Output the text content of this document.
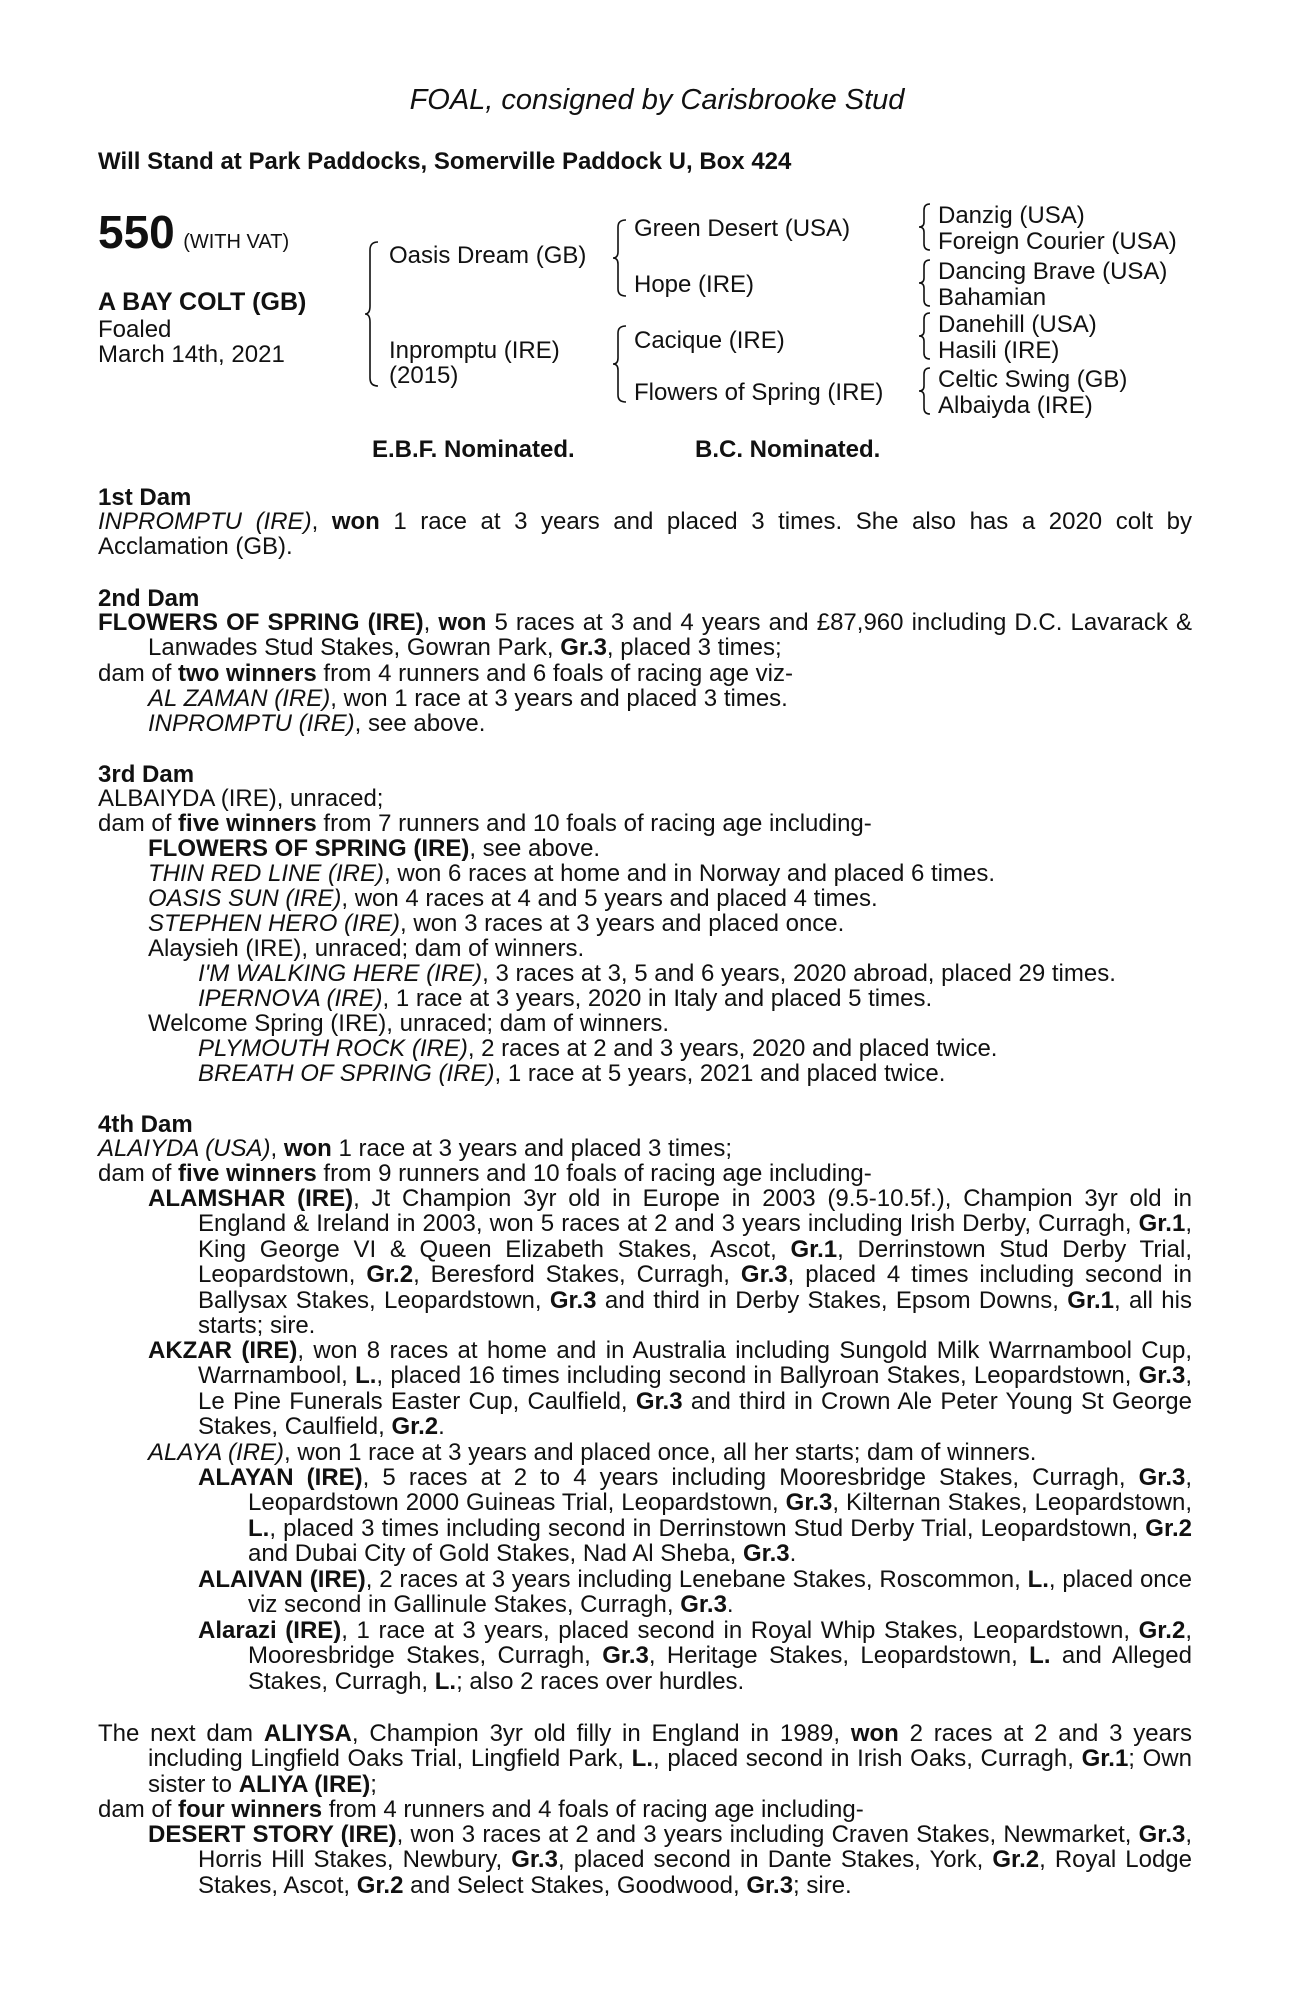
FOAL, consigned by Carisbrooke Stud
Will Stand at Park Paddocks, Somerville Paddock U, Box 424
550 (WITH VAT)
A BAY COLT (GB)
Foaled
March 14th, 2021
Oasis Dream (GB)
Inpromptu (IRE)
(2015)
Green Desert (USA)
Hope (IRE)
Cacique (IRE)
Flowers of Spring (IRE)
Danzig (USA)
Foreign Courier (USA)
Dancing Brave (USA)
Bahamian
Danehill (USA)
Hasili (IRE)
Celtic Swing (GB)
Albaiyda (IRE)
E.B.F. Nominated.	B.C. Nominated.
1st Dam

INPROMPTU (IRE), won 1 race at 3 years and placed 3 times. She also has a 2020 colt by Acclamation (GB).

2nd Dam

FLOWERS OF SPRING (IRE), won 5 races at 3 and 4 years and £87,960 including D.C. Lavarack & Lanwades Stud Stakes, Gowran Park, Gr.3, placed 3 times;

dam of two winners from 4 runners and 6 foals of racing age viz-
AL ZAMAN (IRE), won 1 race at 3 years and placed 3 times.
INPROMPTU (IRE), see above.
3rd Dam
ALBAIYDA (IRE), unraced;
dam of five winners from 7 runners and 10 foals of racing age including-
FLOWERS OF SPRING (IRE), see above.
THIN RED LINE (IRE), won 6 races at home and in Norway and placed 6 times.
OASIS SUN (IRE), won 4 races at 4 and 5 years and placed 4 times.
STEPHEN HERO (IRE), won 3 races at 3 years and placed once.
Alaysieh (IRE), unraced; dam of winners.
I'M WALKING HERE (IRE), 3 races at 3, 5 and 6 years, 2020 abroad, placed 29 times.
IPERNOVA (IRE), 1 race at 3 years, 2020 in Italy and placed 5 times.
Welcome Spring (IRE), unraced; dam of winners.
PLYMOUTH ROCK (IRE), 2 races at 2 and 3 years, 2020 and placed twice.
BREATH OF SPRING (IRE), 1 race at 5 years, 2021 and placed twice.
4th Dam
ALAIYDA (USA), won 1 race at 3 years and placed 3 times;
dam of five winners from 9 runners and 10 foals of racing age including-

ALAMSHAR (IRE), Jt Champion 3yr old in Europe in 2003 (9.5-10.5f.), Champion 3yr old in England & Ireland in 2003, won 5 races at 2 and 3 years including Irish Derby, Curragh, Gr.1, King George VI & Queen Elizabeth Stakes, Ascot, Gr.1, Derrinstown Stud Derby Trial, Leopardstown, Gr.2, Beresford Stakes, Curragh, Gr.3, placed 4 times including second in Ballysax Stakes, Leopardstown, Gr.3 and third in Derby Stakes, Epsom Downs, Gr.1, all his starts; sire.

AKZAR (IRE), won 8 races at home and in Australia including Sungold Milk Warrnambool Cup, Warrnambool, L., placed 16 times including second in Ballyroan Stakes, Leopardstown, Gr.3, Le Pine Funerals Easter Cup, Caulfield, Gr.3 and third in Crown Ale Peter Young St George Stakes, Caulfield, Gr.2.

ALAYA (IRE), won 1 race at 3 years and placed once, all her starts; dam of winners.

ALAYAN (IRE), 5 races at 2 to 4 years including Mooresbridge Stakes, Curragh, Gr.3, Leopardstown 2000 Guineas Trial, Leopardstown, Gr.3, Kilternan Stakes, Leopardstown, L., placed 3 times including second in Derrinstown Stud Derby Trial, Leopardstown, Gr.2 and Dubai City of Gold Stakes, Nad Al Sheba, Gr.3.

ALAIVAN (IRE), 2 races at 3 years including Lenebane Stakes, Roscommon, L., placed once viz second in Gallinule Stakes, Curragh, Gr.3.

Alarazi (IRE), 1 race at 3 years, placed second in Royal Whip Stakes, Leopardstown, Gr.2, Mooresbridge Stakes, Curragh, Gr.3, Heritage Stakes, Leopardstown, L. and Alleged Stakes, Curragh, L.; also 2 races over hurdles.

The next dam ALIYSA, Champion 3yr old filly in England in 1989, won 2 races at 2 and 3 years including Lingfield Oaks Trial, Lingfield Park, L., placed second in Irish Oaks, Curragh, Gr.1; Own sister to ALIYA (IRE);

dam of four winners from 4 runners and 4 foals of racing age including-

DESERT STORY (IRE), won 3 races at 2 and 3 years including Craven Stakes, Newmarket, Gr.3, Horris Hill Stakes, Newbury, Gr.3, placed second in Dante Stakes, York, Gr.2, Royal Lodge Stakes, Ascot, Gr.2 and Select Stakes, Goodwood, Gr.3; sire.
